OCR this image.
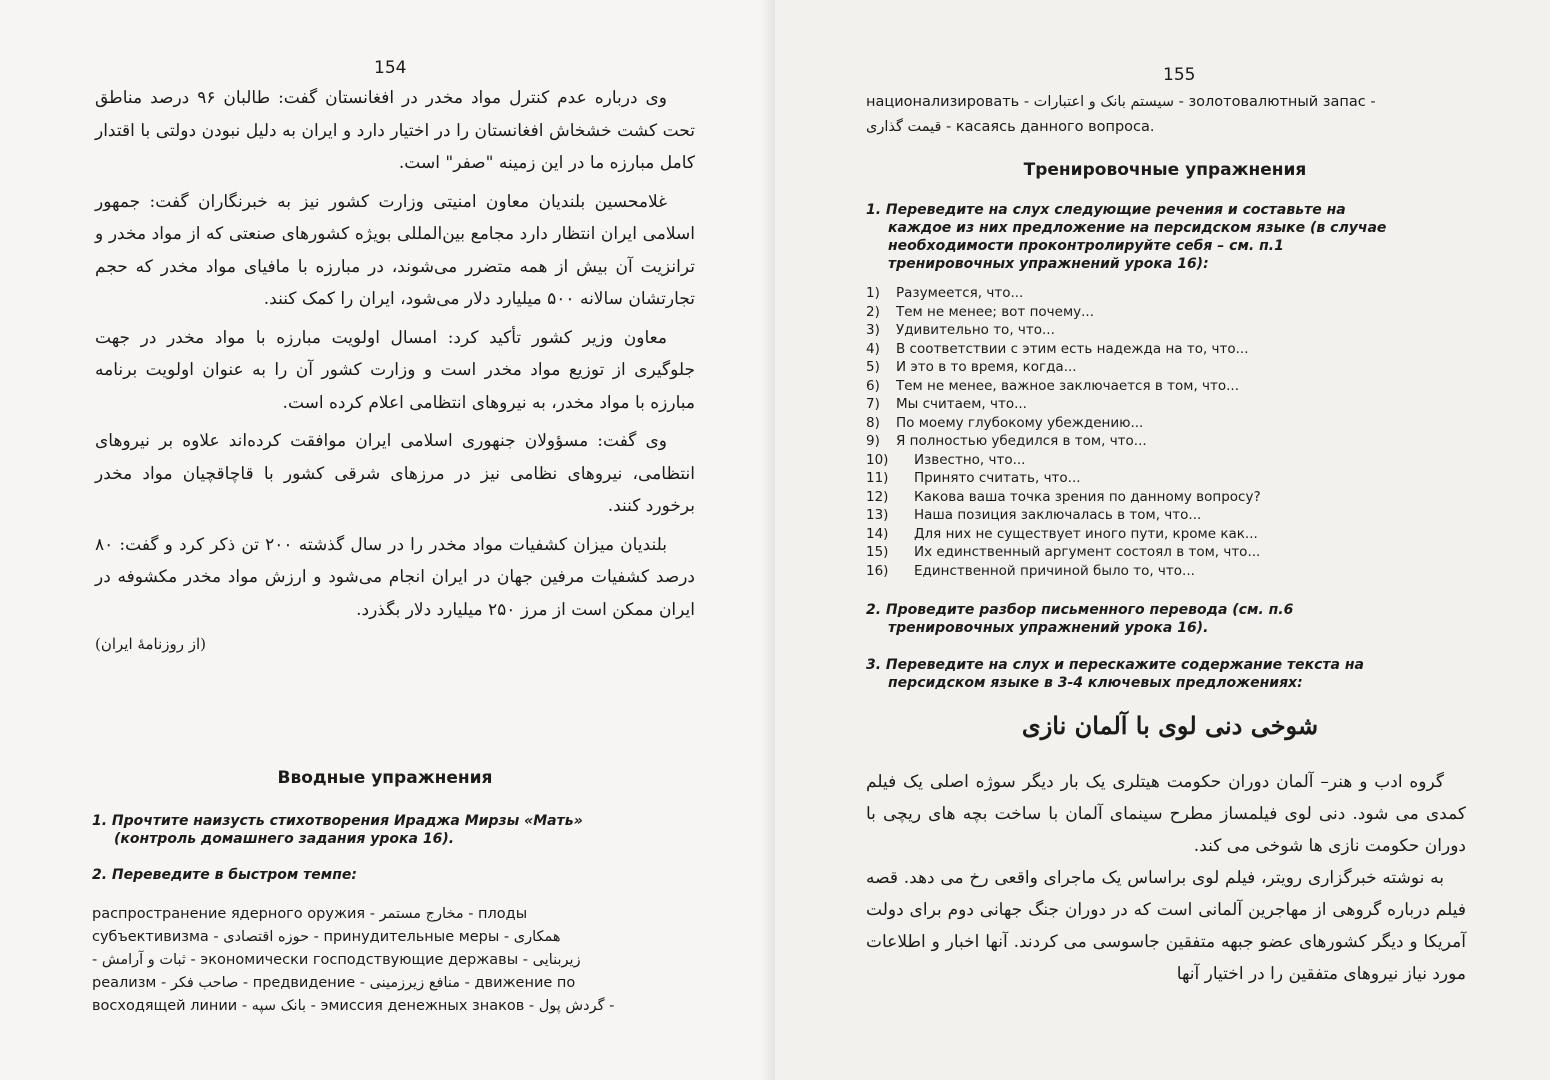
154

وی درباره عدم کنترل مواد مخدر در افغانستان گفت: طالبان ۹۶ درصد مناطق تحت کشت خشخاش افغانستان را در اختیار دارد و ایران به دلیل نبودن دولتی با اقتدار کامل مبارزه ما در این زمینه "صفر" است.

غلامحسین بلندیان معاون امنیتی وزارت کشور نیز به خبرنگاران گفت: جمهور اسلامی ایران انتظار دارد مجامع بین‌المللی بویژه کشورهای صنعتی که از مواد مخدر و ترانزیت آن بیش از همه متضرر می‌شوند، در مبارزه با مافیای مواد مخدر که حجم تجارتشان سالانه ۵۰۰ میلیارد دلار می‌شود، ایران را کمک کنند.

معاون وزیر کشور تأکید کرد: امسال اولویت مبارزه با مواد مخدر در جهت جلوگیری از توزیع مواد مخدر است و وزارت کشور آن را به عنوان اولویت برنامه مبارزه با مواد مخدر، به نیروهای انتظامی اعلام کرده است.

وی گفت: مسؤولان جنهوری اسلامی ایران موافقت کرده‌اند علاوه بر نیروهای انتظامی، نیروهای نظامی نیز در مرزهای شرقی کشور با قاچاقچیان مواد مخدر برخورد کنند.

بلندیان میزان کشفیات مواد مخدر را در سال گذشته ۲۰۰ تن ذکر کرد و گفت: ۸۰ درصد کشفیات مرفین جهان در ایران انجام می‌شود و ارزش مواد مخدر مکشوفه در ایران ممکن است از مرز ۲۵۰ میلیارد دلار بگذرد.

(از روزنامهٔ ایران)

Вводные упражнения
1. Прочтите наизусть стихотворения Ираджа Мирзы «Мать»
(контроль домашнего задания урока 16).
2. Переведите в быстром темпе:
распространение ядерного оружия - مخارج مستمر - плоды
субъективизма - حوزه اقتصادی - принудительные меры - همکاری
- ثبات و آرامش - экономически господствующие державы - زیربنایی
реализм - صاحب فکر - предвидение - منافع زیرزمینی - движение по
восходящей линии - بانک سپه - эмиссия денежных знаков - گردش پول -
155
национализировать - سیستم بانک و اعتبارات - золотовалютный запас -
قیمت گذاری - касаясь данного вопроса.
Тренировочные упражнения
1. Переведите на слух следующие речения и составьте на
каждое из них предложение на персидском языке (в случае
необходимости проконтролируйте себя – см. п.1
тренировочных упражнений урока 16):
1)	Разумеется, что...
2)	Тем не менее; вот почему...
3)	Удивительно то, что...
4)	В соответствии с этим есть надежда на то, что...
5)	И это в то время, когда...
6)	Тем не менее, важное заключается в том, что...
7)	Мы считаем, что...
8)	По моему глубокому убеждению...
9)	Я полностью убедился в том, что...
10)	Известно, что...
11)	Принято считать, что...
12)	Какова ваша точка зрения по данному вопросу?
13)	Наша позиция заключалась в том, что...
14)	Для них не существует иного пути, кроме как...
15)	Их единственный аргумент состоял в том, что...
16)	Единственной причиной было то, что...
2. Проведите разбор письменного перевода (см. п.6
тренировочных упражнений урока 16).
3. Переведите на слух и перескажите содержание текста на
персидском языке в 3-4 ключевых предложениях:
شوخی دنی لوی با آلمان نازی

گروه ادب و هنر– آلمان دوران حکومت هیتلری یک بار دیگر سوژه اصلی یک فیلم کمدی می شود. دنی لوی فیلمساز مطرح سینمای آلمان با ساخت بچه های ریچی با دوران حکومت نازی ها شوخی می کند.

به نوشته خبرگزاری رویتر، فیلم لوی براساس یک ماجرای واقعی رخ می دهد. قصه فیلم درباره گروهی از مهاجرین آلمانی است که در دوران جنگ جهانی دوم برای دولت آمریکا و دیگر کشورهای عضو جبهه متفقین جاسوسی می کردند. آنها اخبار و اطلاعات مورد نیاز نیروهای متفقین را در اختیار آنها
